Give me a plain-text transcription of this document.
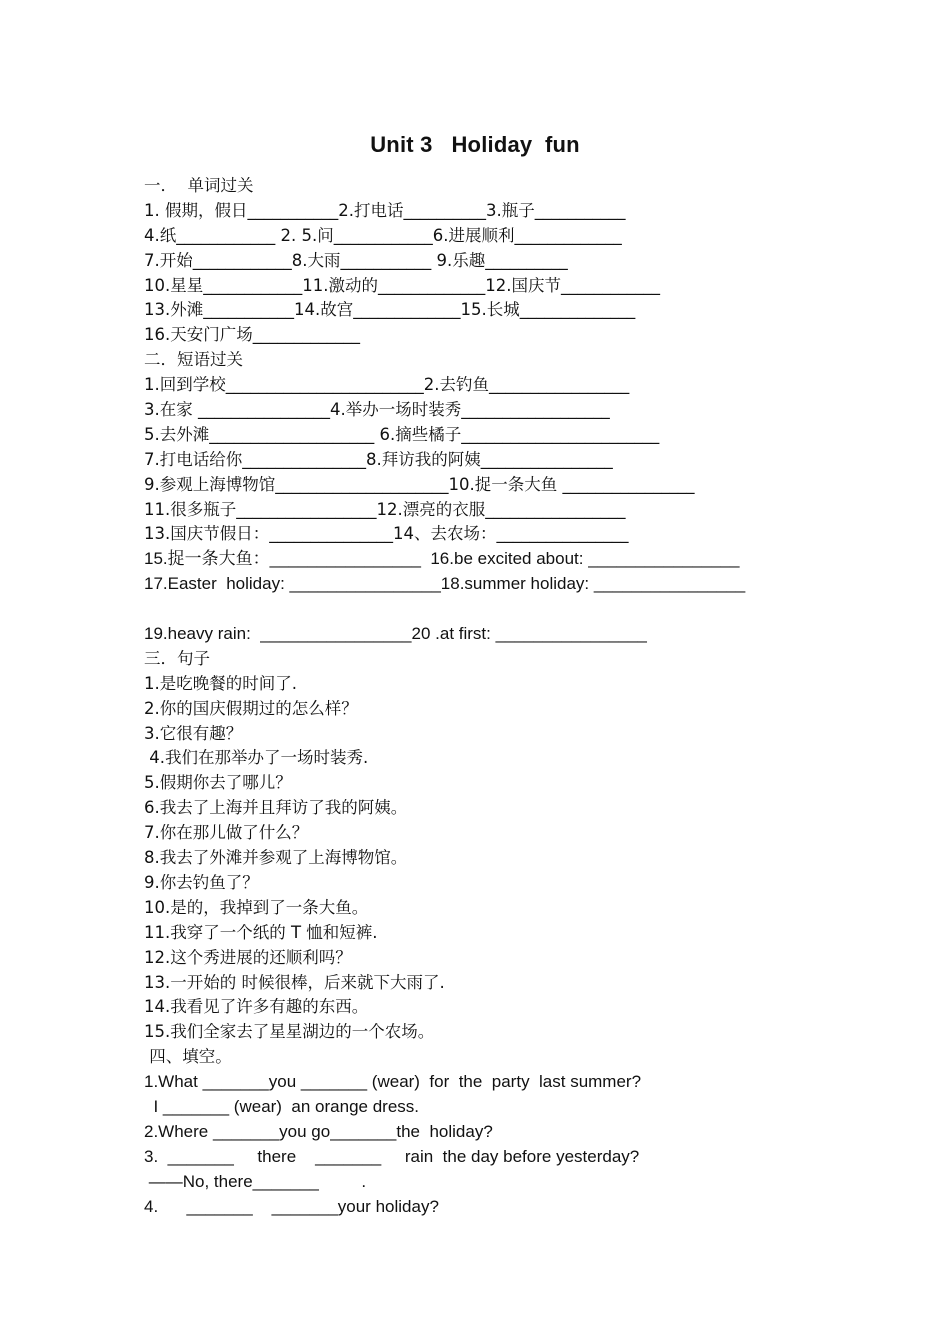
Unit 3   Holiday  fun
一．  单词过关
1. 假期，假日___________2.打电话__________3.瓶子___________
4.纸____________ 2. 5.问____________6.进展顺利_____________
7.开始____________8.大雨___________ 9.乐趣__________
10.星星____________11.激动的_____________12.国庆节____________
13.外滩___________14.故宫_____________15.长城______________
16.天安门广场_____________
二．短语过关
1.回到学校________________________2.去钓鱼_________________
3.在家 ________________4.举办一场时装秀__________________
5.去外滩____________________ 6.摘些橘子________________________
7.打电话给你_______________8.拜访我的阿姨________________
9.参观上海博物馆_____________________10.捉一条大鱼 ________________
11.很多瓶子_________________12.漂亮的衣服_________________
13.国庆节假日：_______________14、去农场：________________
15.捉一条大鱼：________________  16.be excited about: ________________
17.Easter  holiday: ________________18.summer holiday: ________________
19.heavy rain:  ________________20 .at first: ________________
三．句子
1.是吃晚餐的时间了.
2.你的国庆假期过的怎么样？
3.它很有趣？
4.我们在那举办了一场时装秀.
5.假期你去了哪儿？
6.我去了上海并且拜访了我的阿姨。
7.你在那儿做了什么？
8.我去了外滩并参观了上海博物馆。
9.你去钓鱼了？
10.是的，我掉到了一条大鱼。
11.我穿了一个纸的 T 恤和短裤.
12.这个秀进展的还顺利吗？
13.一开始的 时候很棒，后来就下大雨了.
14.我看见了许多有趣的东西。
15.我们全家去了星星湖边的一个农场。
四、填空。
1.What _______you _______ (wear)  for  the  party  last summer?
I _______ (wear)  an orange dress.
2.Where _______you go_______the  holiday?
3.  _______     there    _______     rain  the day before yesterday?
——No, there_______         .
4.      _______    _______your holiday?
